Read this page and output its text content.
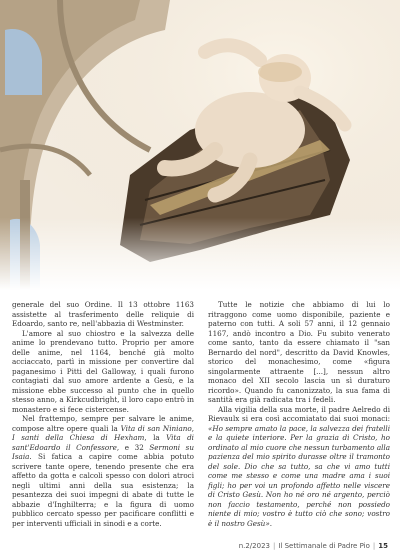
generale del suo Ordine. Il 13 ottobre 1163 assistette al trasferimento delle reliquie di Edoardo, santo re, nell'abbazia di Westminster.

L'amore al suo chiostro e la salvezza delle anime lo prendevano tutto. Proprio per amore delle anime, nel 1164, benché già molto acciaccato, partì in missione per convertire dal paganesimo i Pitti del Galloway, i quali furono contagiati dal suo amore ardente a Gesù, e la missione ebbe successo al punto che in quello stesso anno, a Kirkcudbright, il loro capo entrò in monastero e si fece cistercense.

Nel frattempo, sempre per salvare le anime, compose altre opere quali la Vita di san Niniano, I santi della Chiesa di Hexham, la Vita di sant'Edoardo il Confessore, e 32 Sermoni su Isaia. Si fatica a capire come abbia potuto scrivere tante opere, tenendo presente che era affetto da gotta e calcoli spesso con dolori atroci negli ultimi anni della sua esistenza; la pesantezza dei suoi impegni di abate di tutte le abbazie d'Inghilterra; e la figura di uomo pubblico cercato spesso per pacificare conflitti e per interventi ufficiali in sinodi e a corte.

Tutte le notizie che abbiamo di lui lo ritraggono come uomo disponibile, paziente e paterno con tutti. A soli 57 anni, il 12 gennaio 1167, andò incontro a Dio. Fu subito venerato come santo, tanto da essere chiamato il "san Bernardo del nord", descritto da David Knowles, storico del monachesimo, come «figura singolarmente attraente [...], nessun altro monaco del XII secolo lascia un sì duraturo ricordo». Quando fu canonizzato, la sua fama di santità era già radicata tra i fedeli.

Alla vigilia della sua morte, il padre Aelredo di Rievaulx si era così accomiatato dai suoi monaci: «Ho sempre amato la pace, la salvezza dei fratelli e la quiete interiore. Per la grazia di Cristo, ho ordinato al mio cuore che nessun turbamento alla pazienza del mio spirito durasse oltre il tramonto del sole. Dio che sa tutto, sa che vi amo tutti come me stesso e come una madre ama i suoi figli; ho per voi un profondo affetto nelle viscere di Cristo Gesù. Non ho né oro né argento, perciò non faccio testamento, perché non possiedo niente di mio; vostro è tutto ciò che sono; vostro è il nostro Gesù».

n.2/2023 | Il Settimanale di Padre Pio | 15
